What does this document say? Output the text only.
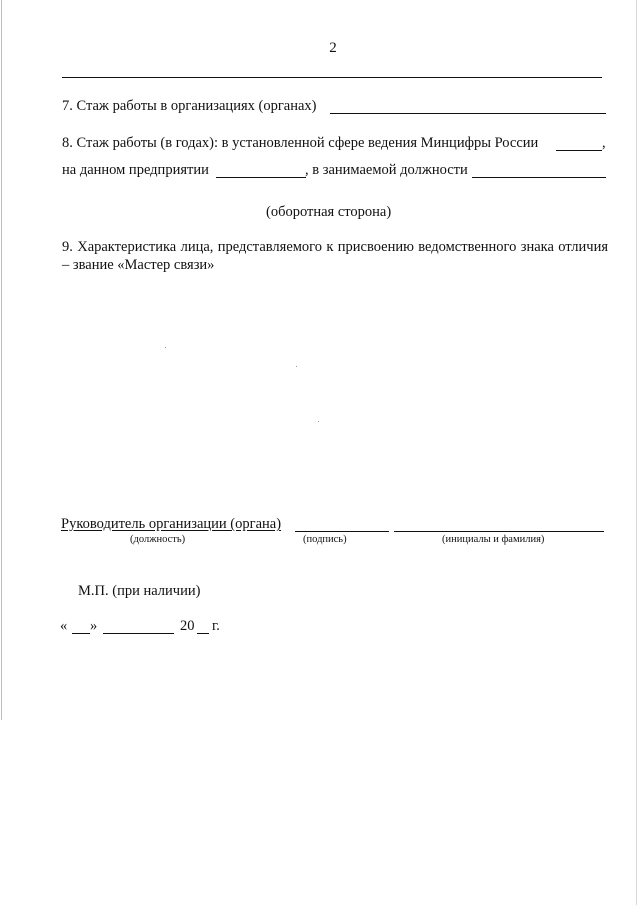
2
7. Стаж работы в организациях (органах)
8. Стаж работы (в годах): в установленной сфере ведения Минцифры России	,
на данном предприятии	, в занимаемой должности
(оборотная сторона)
9. Характеристика лица, представляемого к присвоению ведомственного знака отличия – звание «Мастер связи»
Руководитель организации (органа)
(должность)	(подпись)	(инициалы и фамилия)
М.П. (при наличии)
« »	20 г.
